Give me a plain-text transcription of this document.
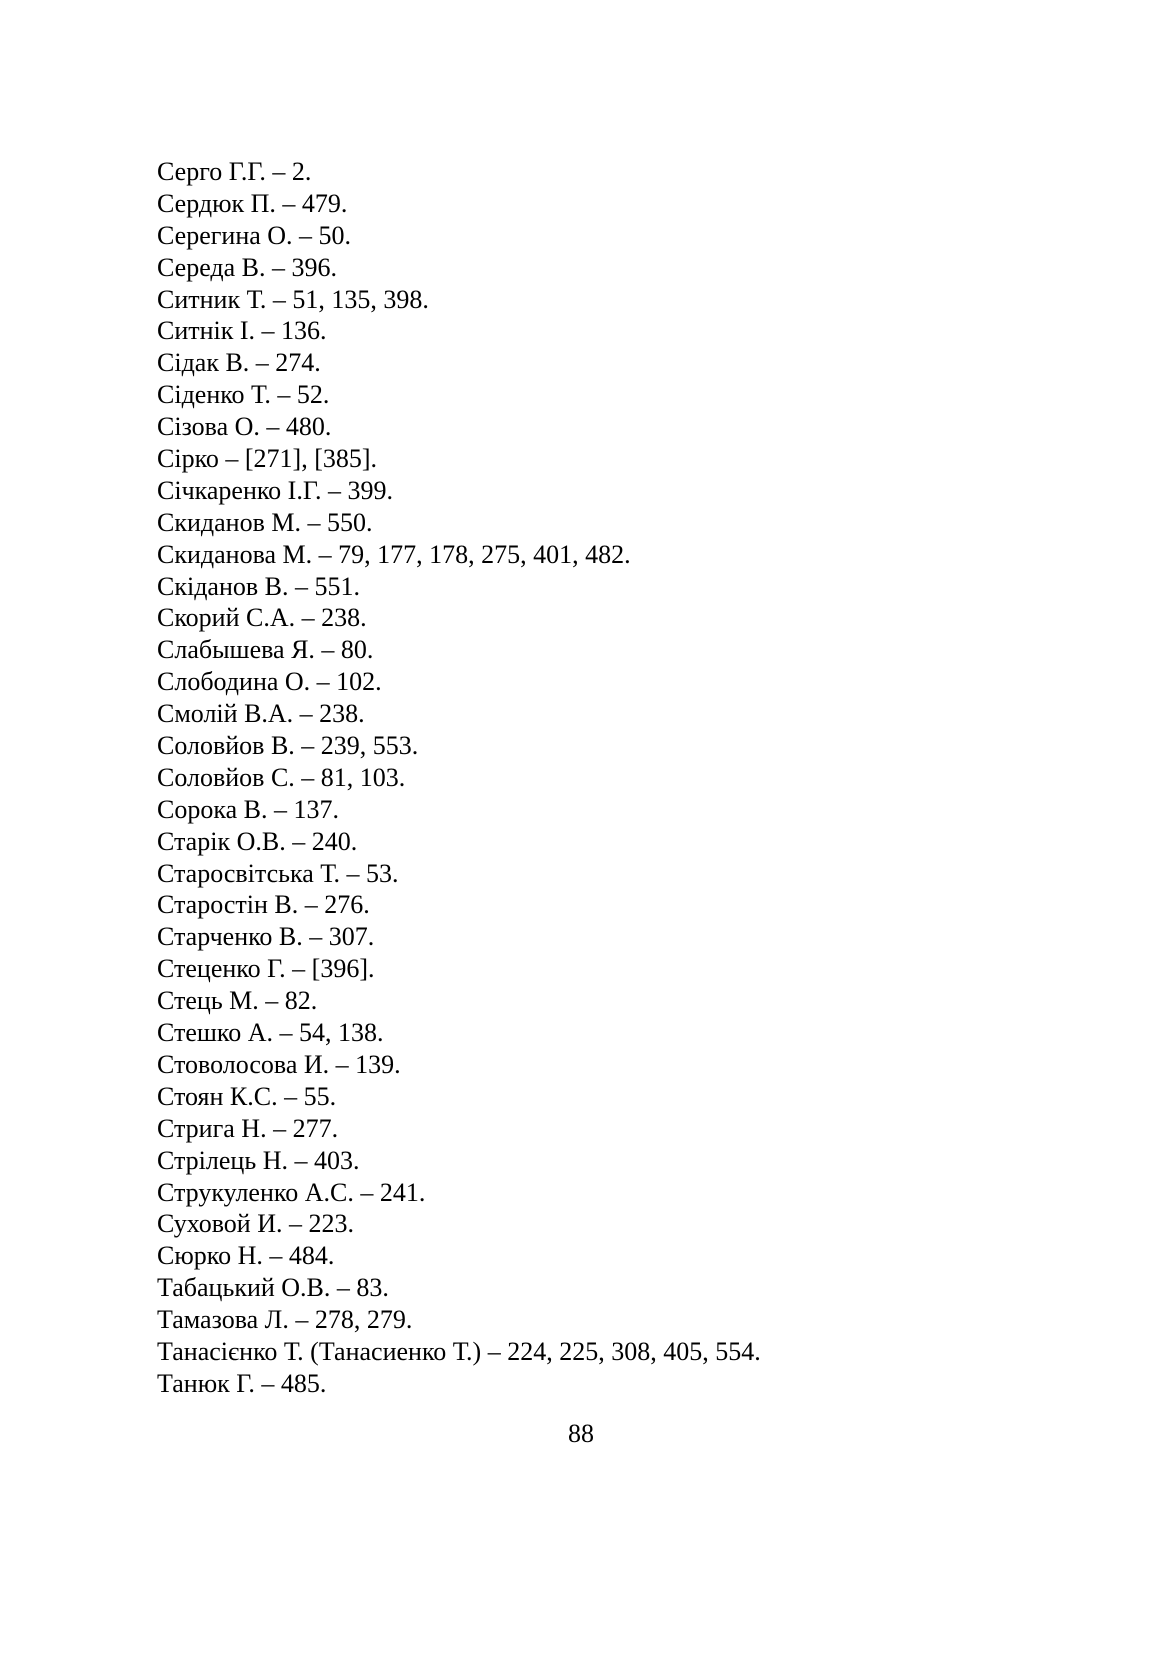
Серго Г.Г. – 2.
Сердюк П. – 479.
Серегина О. – 50.
Середа В. – 396.
Ситник Т. – 51, 135, 398.
Ситнік І. – 136.
Сідак В. – 274.
Сіденко Т. – 52.
Сізова О. – 480.
Сірко – [271], [385].
Січкаренко І.Г. – 399.
Скиданов М. – 550.
Скиданова М. – 79, 177, 178, 275, 401, 482.
Скіданов В. – 551.
Скорий С.А. – 238.
Слабышева Я. – 80.
Слободина О. – 102.
Смолій В.А. – 238.
Соловйов В. – 239, 553.
Соловйов С. – 81, 103.
Сорока В. – 137.
Старік О.В. – 240.
Старосвітська Т. – 53.
Старостін В. – 276.
Старченко В. – 307.
Стеценко Г. – [396].
Стець М. – 82.
Стешко А. – 54, 138.
Стоволосова И. – 139.
Стоян К.С. – 55.
Стрига Н. – 277.
Стрілець Н. – 403.
Струкуленко А.С. – 241.
Суховой И. – 223.
Сюрко Н. – 484.
Табацький О.В. – 83.
Тамазова Л. – 278, 279.
Танасієнко Т. (Танасиенко Т.) – 224, 225, 308, 405, 554.
Танюк Г. – 485.
88
